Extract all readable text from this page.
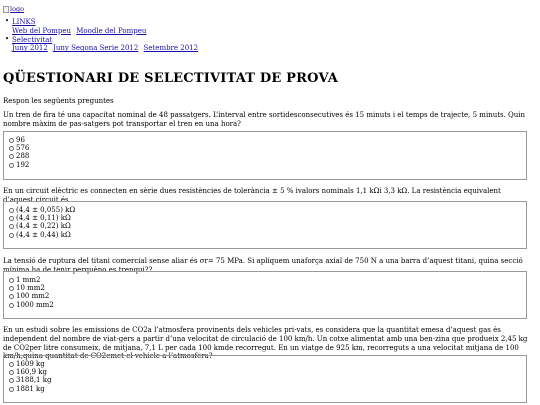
logo
• LINKS
Web del Pompeu Moodle del Pompeu
• Selectivitat
Juny 2012 Juny Segona Serie 2012 Setembre 2012
QÜESTIONARI DE SELECTIVITAT DE PROVA
Respon les següents preguntes
Un tren de fira té una capacitat nominal de 48 passatgers. L’interval entre sortidesconsecutives és 15 minuts i el temps de trajecte, 5 minuts. Quin nombre màxim de pas-satgers pot transportar el tren en una hora?
96
576
288
192
En un circuit elèctric es connecten en sèrie dues resistències de tolerància ± 5 % ivalors nominals 1,1 kΩi 3,3 kΩ. La resistència equivalent d’aquest circuit és
(4,4 ± 0,055) kΩ
(4,4 ± 0,11) kΩ
(4,4 ± 0,22) kΩ
(4,4 ± 0,44) kΩ
La tensió de ruptura del titani comercial sense aliar és σr= 75 MPa. Si apliquem unaforça axial de 750 N a una barra d’aquest titani, quina secció mínima ha de tenir perquèno es trenqui??
1 mm2
10 mm2
100 mm2
1000 mm2
En un estudi sobre les emissions de CO2a l’atmosfera provinents dels vehicles pri-vats, es considera que la quantitat emesa d’aquest gas és independent del nombre de viat-gers a partir d’una velocitat de circulació de 100 km/h. Un cotxe alimentat amb una ben-zina que produeix 2,45 kg de CO2per litre consumeix, de mitjana, 7,1 L per cada 100 kmde recorregut. En un viatge de 925 km, recorreguts a una velocitat mitjana de 100 km/h,quina quantitat de CO2emet el vehicle a l’atmosfera?
1609 kg
160,9 kg
3188,1 kg
1881 kg
